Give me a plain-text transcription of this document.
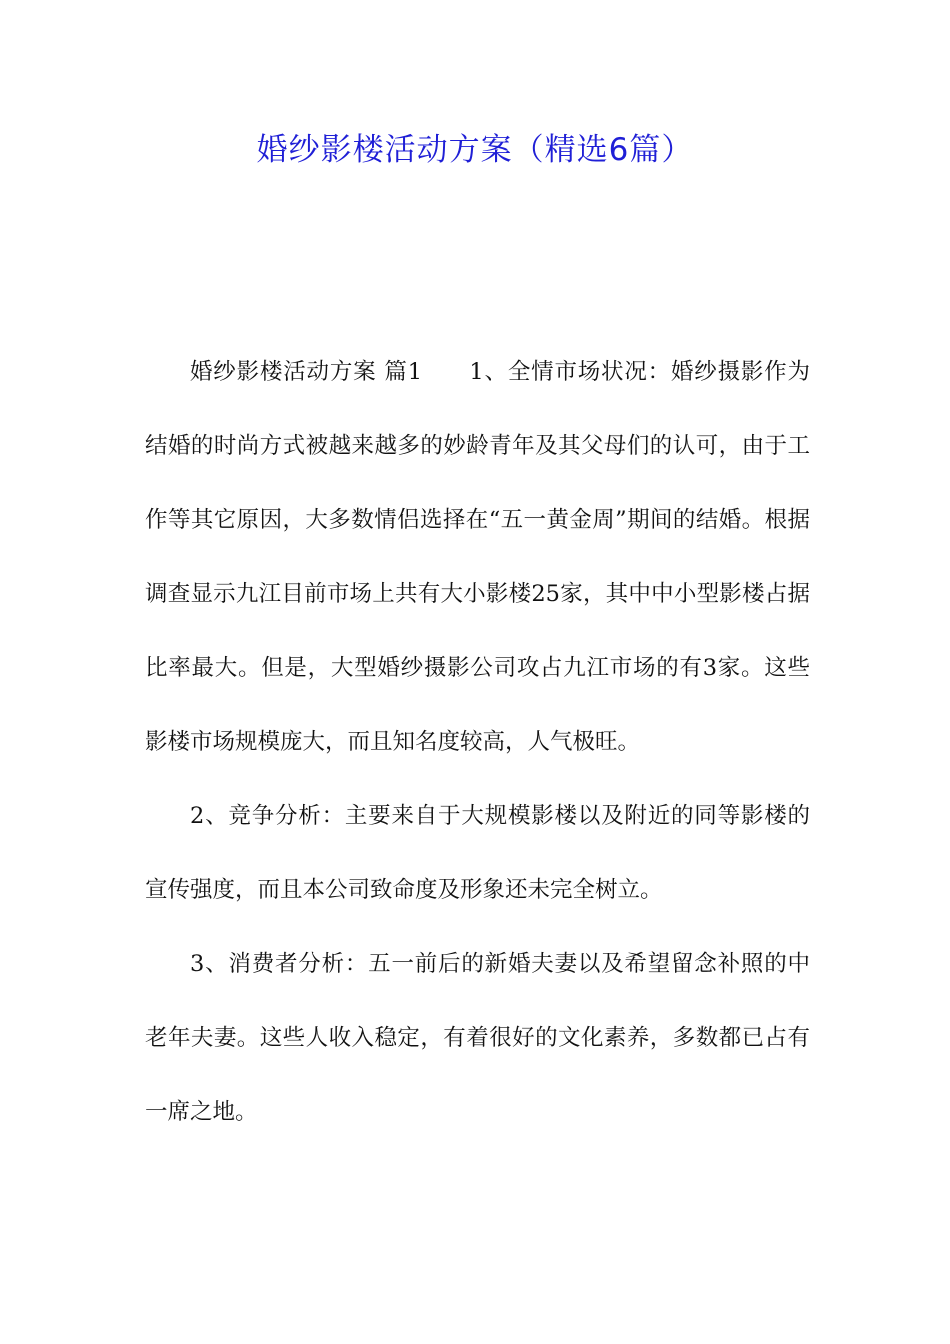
婚纱影楼活动方案（精选6篇）

婚纱影楼活动方案 篇1　　1、全情市场状况：婚纱摄影作为结婚的时尚方式被越来越多的妙龄青年及其父母们的认可，由于工作等其它原因，大多数情侣选择在“五一黄金周”期间的结婚。根据调查显示九江目前市场上共有大小影楼25家，其中中小型影楼占据比率最大。但是，大型婚纱摄影公司攻占九江市场的有3家。这些影楼市场规模庞大，而且知名度较高，人气极旺。

2、竞争分析：主要来自于大规模影楼以及附近的同等影楼的宣传强度，而且本公司致命度及形象还未完全树立。

3、消费者分析：五一前后的新婚夫妻以及希望留念补照的中老年夫妻。这些人收入稳定，有着很好的文化素养，多数都已占有一席之地。
